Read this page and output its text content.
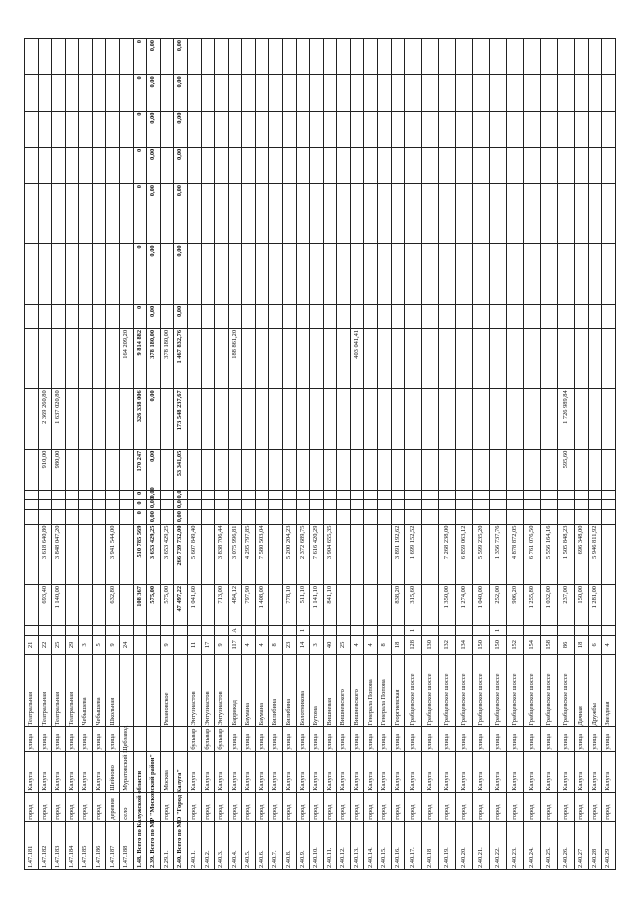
1.47.181	город	Калуга	улица	Театральная	21																
1.47.182	город	Калуга	улица	Театральная	22		693,40	3 618 640,80				910,00	2 369 260,80								
1.47.183	город	Калуга	улица	Театральная	25		1 140,00	3 848 047,20				980,00	1 637 020,80								
1.47.184	город	Калуга	улица	Театральная	29																
1.47.185	город	Калуга	улица	Чебышева	3																
1.47.186	город	Калуга	улица	Чебышева	5																
1.47.187	деревня	Шейново	улица	Школьная	9		632,80	3 941 544,00													
1.47.188	село	Муратовский Щебзавод			24									164 209,20							
1.48. Всего по Калужской области							108 367	510 785 569	0	0	0	170 247	326 338 006	9 814 882	0	0	0	0	0	0	0
2.39. Всего по МР "Московский район"							575,00	3 653 429,25	0,00	0,00	0,00	0,00	0,00	378 180,00	0,00	0,00	0,00	0,00	0,00	0,00	0,00
2.29.1.	город	Москва		Рязановское	9		575,00	3 653 429,25						378 180,00							
2.40. Всего по МО "Город Калуга"							47 497,22	266 739 732,00	0,00	0,0	0,0	53 341,05	173 548 237,67	1 467 832,76	0,00	0,00	0,00	0,00	0,00	0,00	0,00
2.40.1.	город	Калуга	бульвар	Энтузиастов	11		1 041,60	5 607 849,40													
2.40.2.	город	Калуга	бульвар	Энтузиастов	17																
2.40.3.	город	Калуга	бульвар	Энтузиастов	9		713,00	3 838 706,44													
2.40.4.	город	Калуга	улица	Баррикад	117	А	484,12	3 075 996,81						188 861,20							
2.40.5.	город	Калуга	улица	Баумана	4		797,90	4 295 797,85													
2.40.6.	город	Калуга	улица	Баумана	4		1 408,00	7 580 503,04													
2.40.7.	город	Калуга	улица	Билибина	8																
2.40.8.	город	Калуга	улица	Билибина	23		778,10	5 200 204,23													
2.40.9.	город	Калуга	улица	Болотникова	14	1	511,10	2 372 689,75													
2.40.10.	город	Калуга	улица	Бутома	3		1 141,10	7 616 420,29													
2.40.11.	город	Калуга	улица	Вишневая	40		841,10	3 904 655,35													
2.40.12.	город	Калуга	улица	Вишневского	25																
2.40.13.	город	Калуга	улица	Вишневского	4									403 041,41							
2.40.14.	город	Калуга	улица	Генерала Попова	4																
2.40.15.	город	Калуга	улица	Генерала Попова	8																
2.40.16.	город	Калуга	улица	Георгиевская	18		838,20	3 891 192,62													
2.40.17.	город	Калуга	улица	Грабцевское шоссе	128	1	315,60	1 699 152,52													
2.40.18	город	Калуга	улица	Грабцевское шоссе	130																
2.40.19.	город	Калуга	улица	Грабцевское шоссе	132		1 350,00	7 268 238,00													
2.40.20.	город	Калуга	улица	Грабцевское шоссе	134		1 274,00	6 859 063,12													
2.40.21.	город	Калуга	улица	Грабцевское шоссе	150		1 040,00	5 599 235,20													
2.40.22.	город	Калуга	улица	Грабцевское шоссе	150	1	252,00	1 356 737,76													
2.40.23.	город	Калуга	улица	Грабцевское шоссе	152		906,20	4 878 872,05													
2.40.24.	город	Калуга	улица	Грабцевское шоссе	154		1 255,80	6 761 076,50													
2.40.25.	город	Калуга	улица	Грабцевское шоссе	158		1 032,00	5 556 164,16													
2.40.26.	город	Калуга	улица	Грабцевское шоссе	86		237,00	1 505 848,23				595,60	1 726 989,84								
2.40.27	город	Калуга	улица	Дачная	18		150,00	696 348,00													
2.40.28	город	Калуга	улица	Дружбы	6		1 281,00	5 946 811,92													
2.40.29	город	Калуга	улица	Звездная	4																
